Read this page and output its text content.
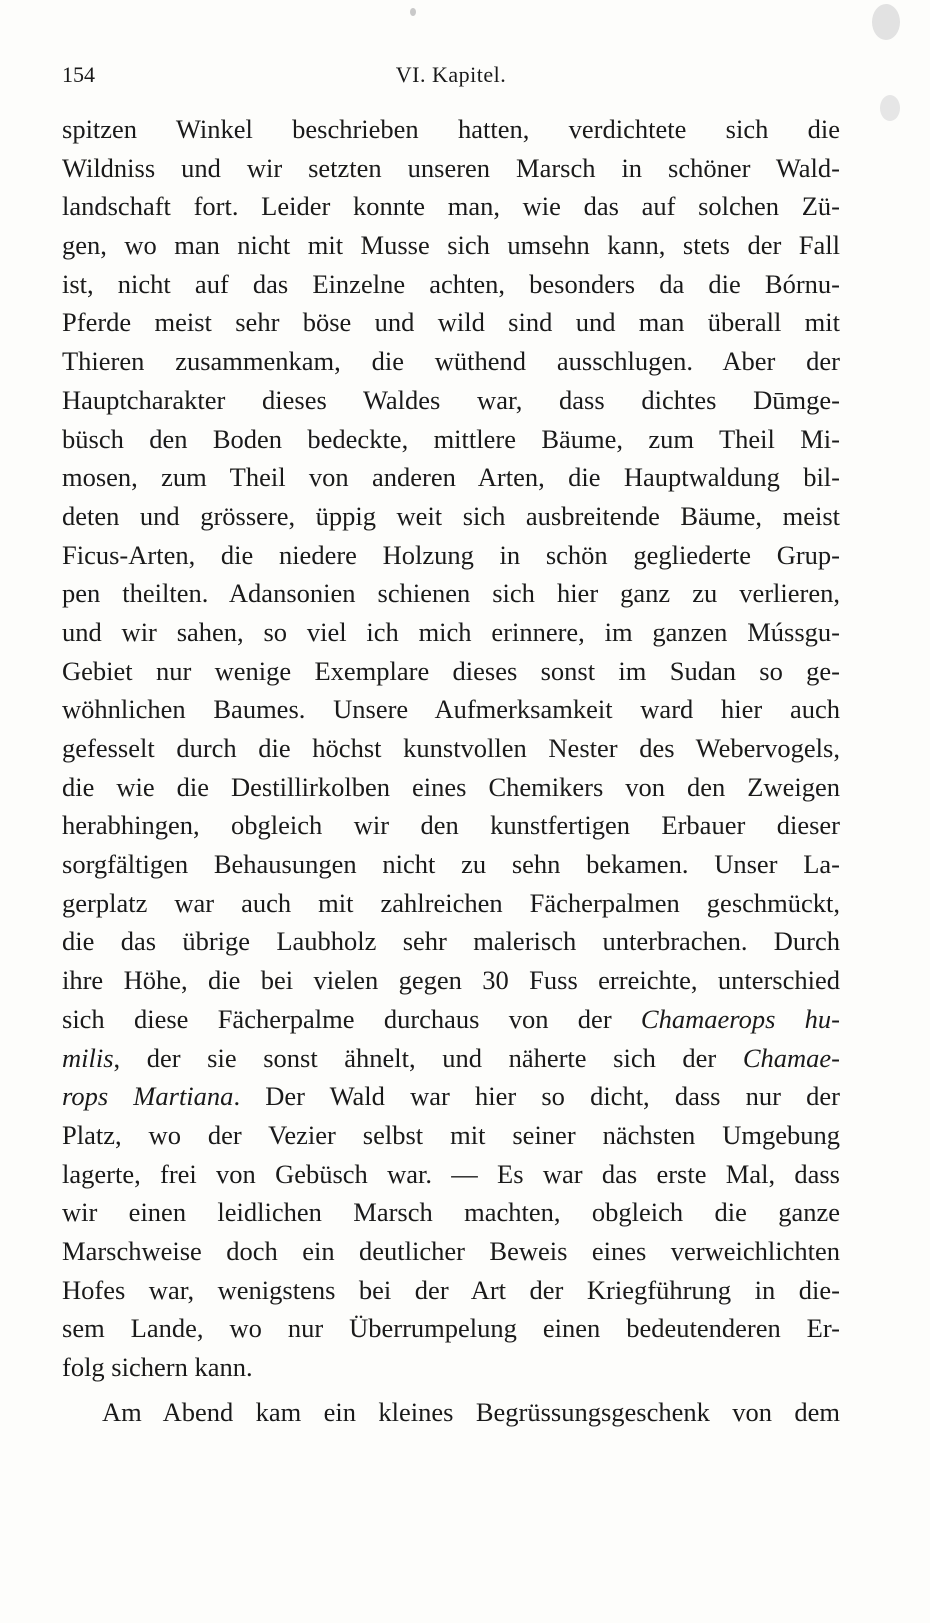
154	VI. Kapitel.
spitzen Winkel beschrieben hatten, verdichtete sich die
Wildniss und wir setzten unseren Marsch in schöner Wald-
landschaft fort. Leider konnte man, wie das auf solchen Zü-
gen, wo man nicht mit Musse sich umsehn kann, stets der Fall
ist, nicht auf das Einzelne achten, besonders da die Bórnu-
Pferde meist sehr böse und wild sind und man überall mit
Thieren zusammenkam, die wüthend ausschlugen. Aber der
Hauptcharakter dieses Waldes war, dass dichtes Dūmge-
büsch den Boden bedeckte, mittlere Bäume, zum Theil Mi-
mosen, zum Theil von anderen Arten, die Hauptwaldung bil-
deten und grössere, üppig weit sich ausbreitende Bäume, meist
Ficus-Arten, die niedere Holzung in schön gegliederte Grup-
pen theilten. Adansonien schienen sich hier ganz zu verlieren,
und wir sahen, so viel ich mich erinnere, im ganzen Mússgu-
Gebiet nur wenige Exemplare dieses sonst im Sudan so ge-
wöhnlichen Baumes. Unsere Aufmerksamkeit ward hier auch
gefesselt durch die höchst kunstvollen Nester des Webervogels,
die wie die Destillirkolben eines Chemikers von den Zweigen
herabhingen, obgleich wir den kunstfertigen Erbauer dieser
sorgfältigen Behausungen nicht zu sehn bekamen. Unser La-
gerplatz war auch mit zahlreichen Fächerpalmen geschmückt,
die das übrige Laubholz sehr malerisch unterbrachen. Durch
ihre Höhe, die bei vielen gegen 30 Fuss erreichte, unterschied
sich diese Fächerpalme durchaus von der Chamaerops hu-
milis, der sie sonst ähnelt, und näherte sich der Chamae-
rops Martiana. Der Wald war hier so dicht, dass nur der
Platz, wo der Vezier selbst mit seiner nächsten Umgebung
lagerte, frei von Gebüsch war. — Es war das erste Mal, dass
wir einen leidlichen Marsch machten, obgleich die ganze
Marschweise doch ein deutlicher Beweis eines verweichlichten
Hofes war, wenigstens bei der Art der Kriegführung in die-
sem Lande, wo nur Überrumpelung einen bedeutenderen Er-
folg sichern kann.
Am Abend kam ein kleines Begrüssungsgeschenk von dem
